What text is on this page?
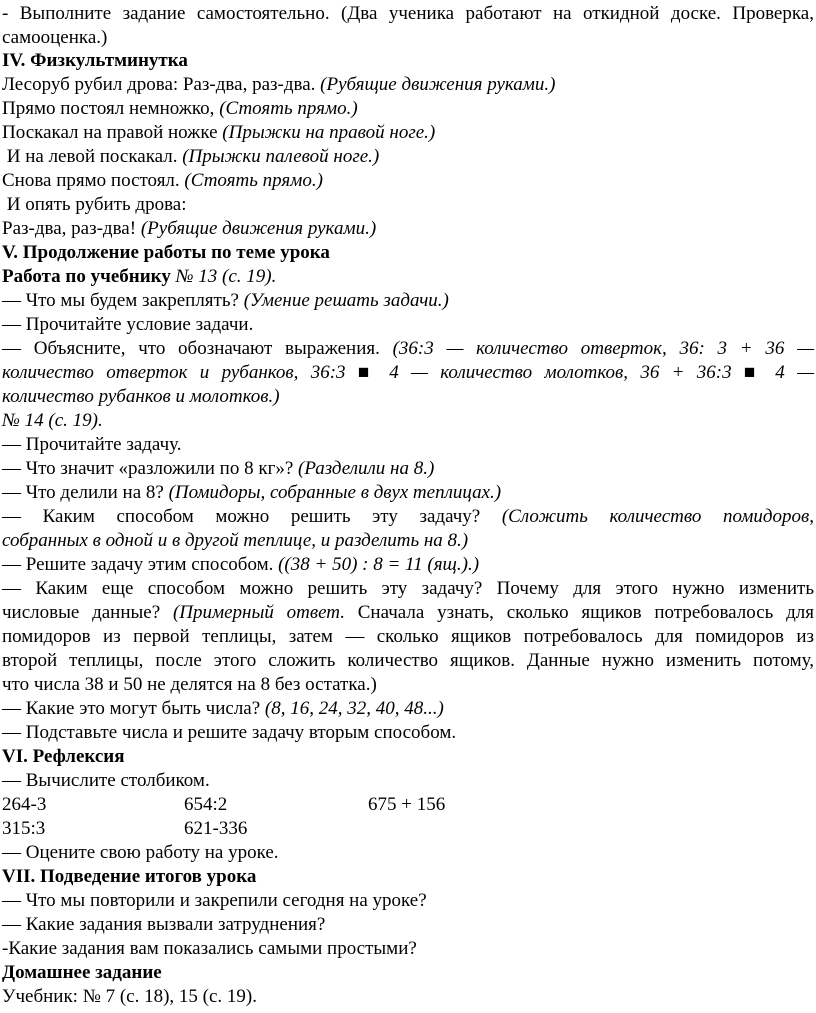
- Выполните задание самостоятельно. (Два ученика работают на откидной доске. Проверка,
самооценка.)
IV. Физкультминутка
Лесоруб рубил дрова: Раз-два, раз-два. (Рубящие движения руками.)
Прямо постоял немножко, (Стоять прямо.)
Поскакал на правой ножке (Прыжки на правой ноге.)
И на левой поскакал. (Прыжки палевой ноге.)
Снова прямо постоял. (Стоять прямо.)
И опять рубить дрова:
Раз-два, раз-два! (Рубящие движения руками.)
V. Продолжение работы по теме урока
Работа по учебнику № 13 (с. 19).
— Что мы будем закреплять? (Умение решать задачи.)
— Прочитайте условие задачи.
— Объясните, что обозначают выражения. (36:3 — количество отверток, 36: 3 + 36 —
количество отверток и рубанков, 36:3 ■ 4 — количество молотков, 36 + 36:3 ■ 4 —
количество рубанков и молотков.)
№ 14 (с. 19).
— Прочитайте задачу.
— Что значит «разложили по 8 кг»? (Разделили на 8.)
— Что делили на 8? (Помидоры, собранные в двух теплицах.)
— Каким способом можно решить эту задачу? (Сложить количество помидоров,
собранных в одной и в другой теплице, и разделить на 8.)
— Решите задачу этим способом. ((38 + 50) : 8 = 11 (ящ.).)
— Каким еще способом можно решить эту задачу? Почему для этого нужно изменить
числовые данные? (Примерный ответ. Сначала узнать, сколько ящиков потребовалось для
помидоров из первой теплицы, затем — сколько ящиков потребовалось для помидоров из
второй теплицы, после этого сложить количество ящиков. Данные нужно изменить потому,
что числа 38 и 50 не делятся на 8 без остатка.)
— Какие это могут быть числа? (8, 16, 24, 32, 40, 48...)
— Подставьте числа и решите задачу вторым способом.
VI. Рефлексия
— Вычислите столбиком.
264-3	654:2	675 + 156
315:3	621-336
— Оцените свою работу на уроке.
VII. Подведение итогов урока
— Что мы повторили и закрепили сегодня на уроке?
— Какие задания вызвали затруднения?
-Какие задания вам показались самыми простыми?
Домашнее задание
Учебник: № 7 (с. 18), 15 (с. 19).
